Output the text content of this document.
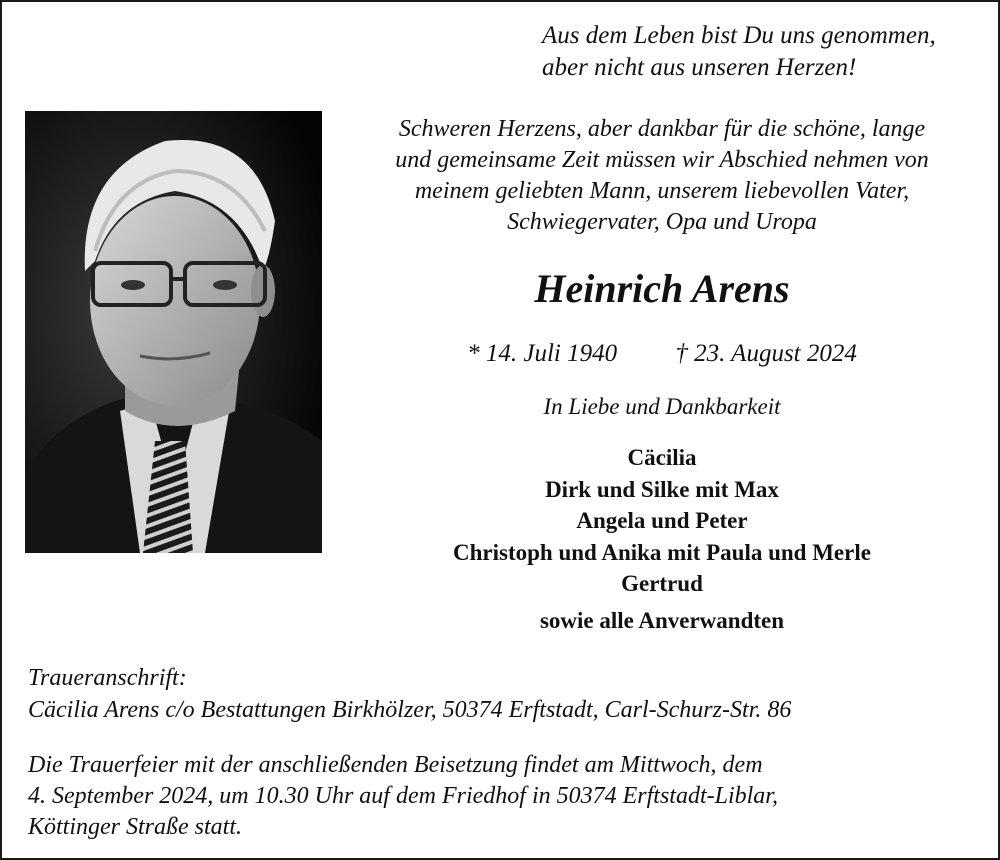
Aus dem Leben bist Du uns genommen,
aber nicht aus unseren Herzen!
Schweren Herzens, aber dankbar für die schöne, lange
und gemeinsame Zeit müssen wir Abschied nehmen von
meinem geliebten Mann, unserem liebevollen Vater,
Schwiegervater, Opa und Uropa
Heinrich Arens
* 14. Juli 1940 † 23. August 2024
In Liebe und Dankbarkeit
Cäcilia
Dirk und Silke mit Max
Angela und Peter
Christoph und Anika mit Paula und Merle
Gertrud
sowie alle Anverwandten
Traueranschrift:
Cäcilia Arens c/o Bestattungen Birkhölzer, 50374 Erftstadt, Carl-Schurz-Str. 86
Die Trauerfeier mit der anschließenden Beisetzung findet am Mittwoch, dem
4. September 2024, um 10.30 Uhr auf dem Friedhof in 50374 Erftstadt-Liblar,
Köttinger Straße statt.
